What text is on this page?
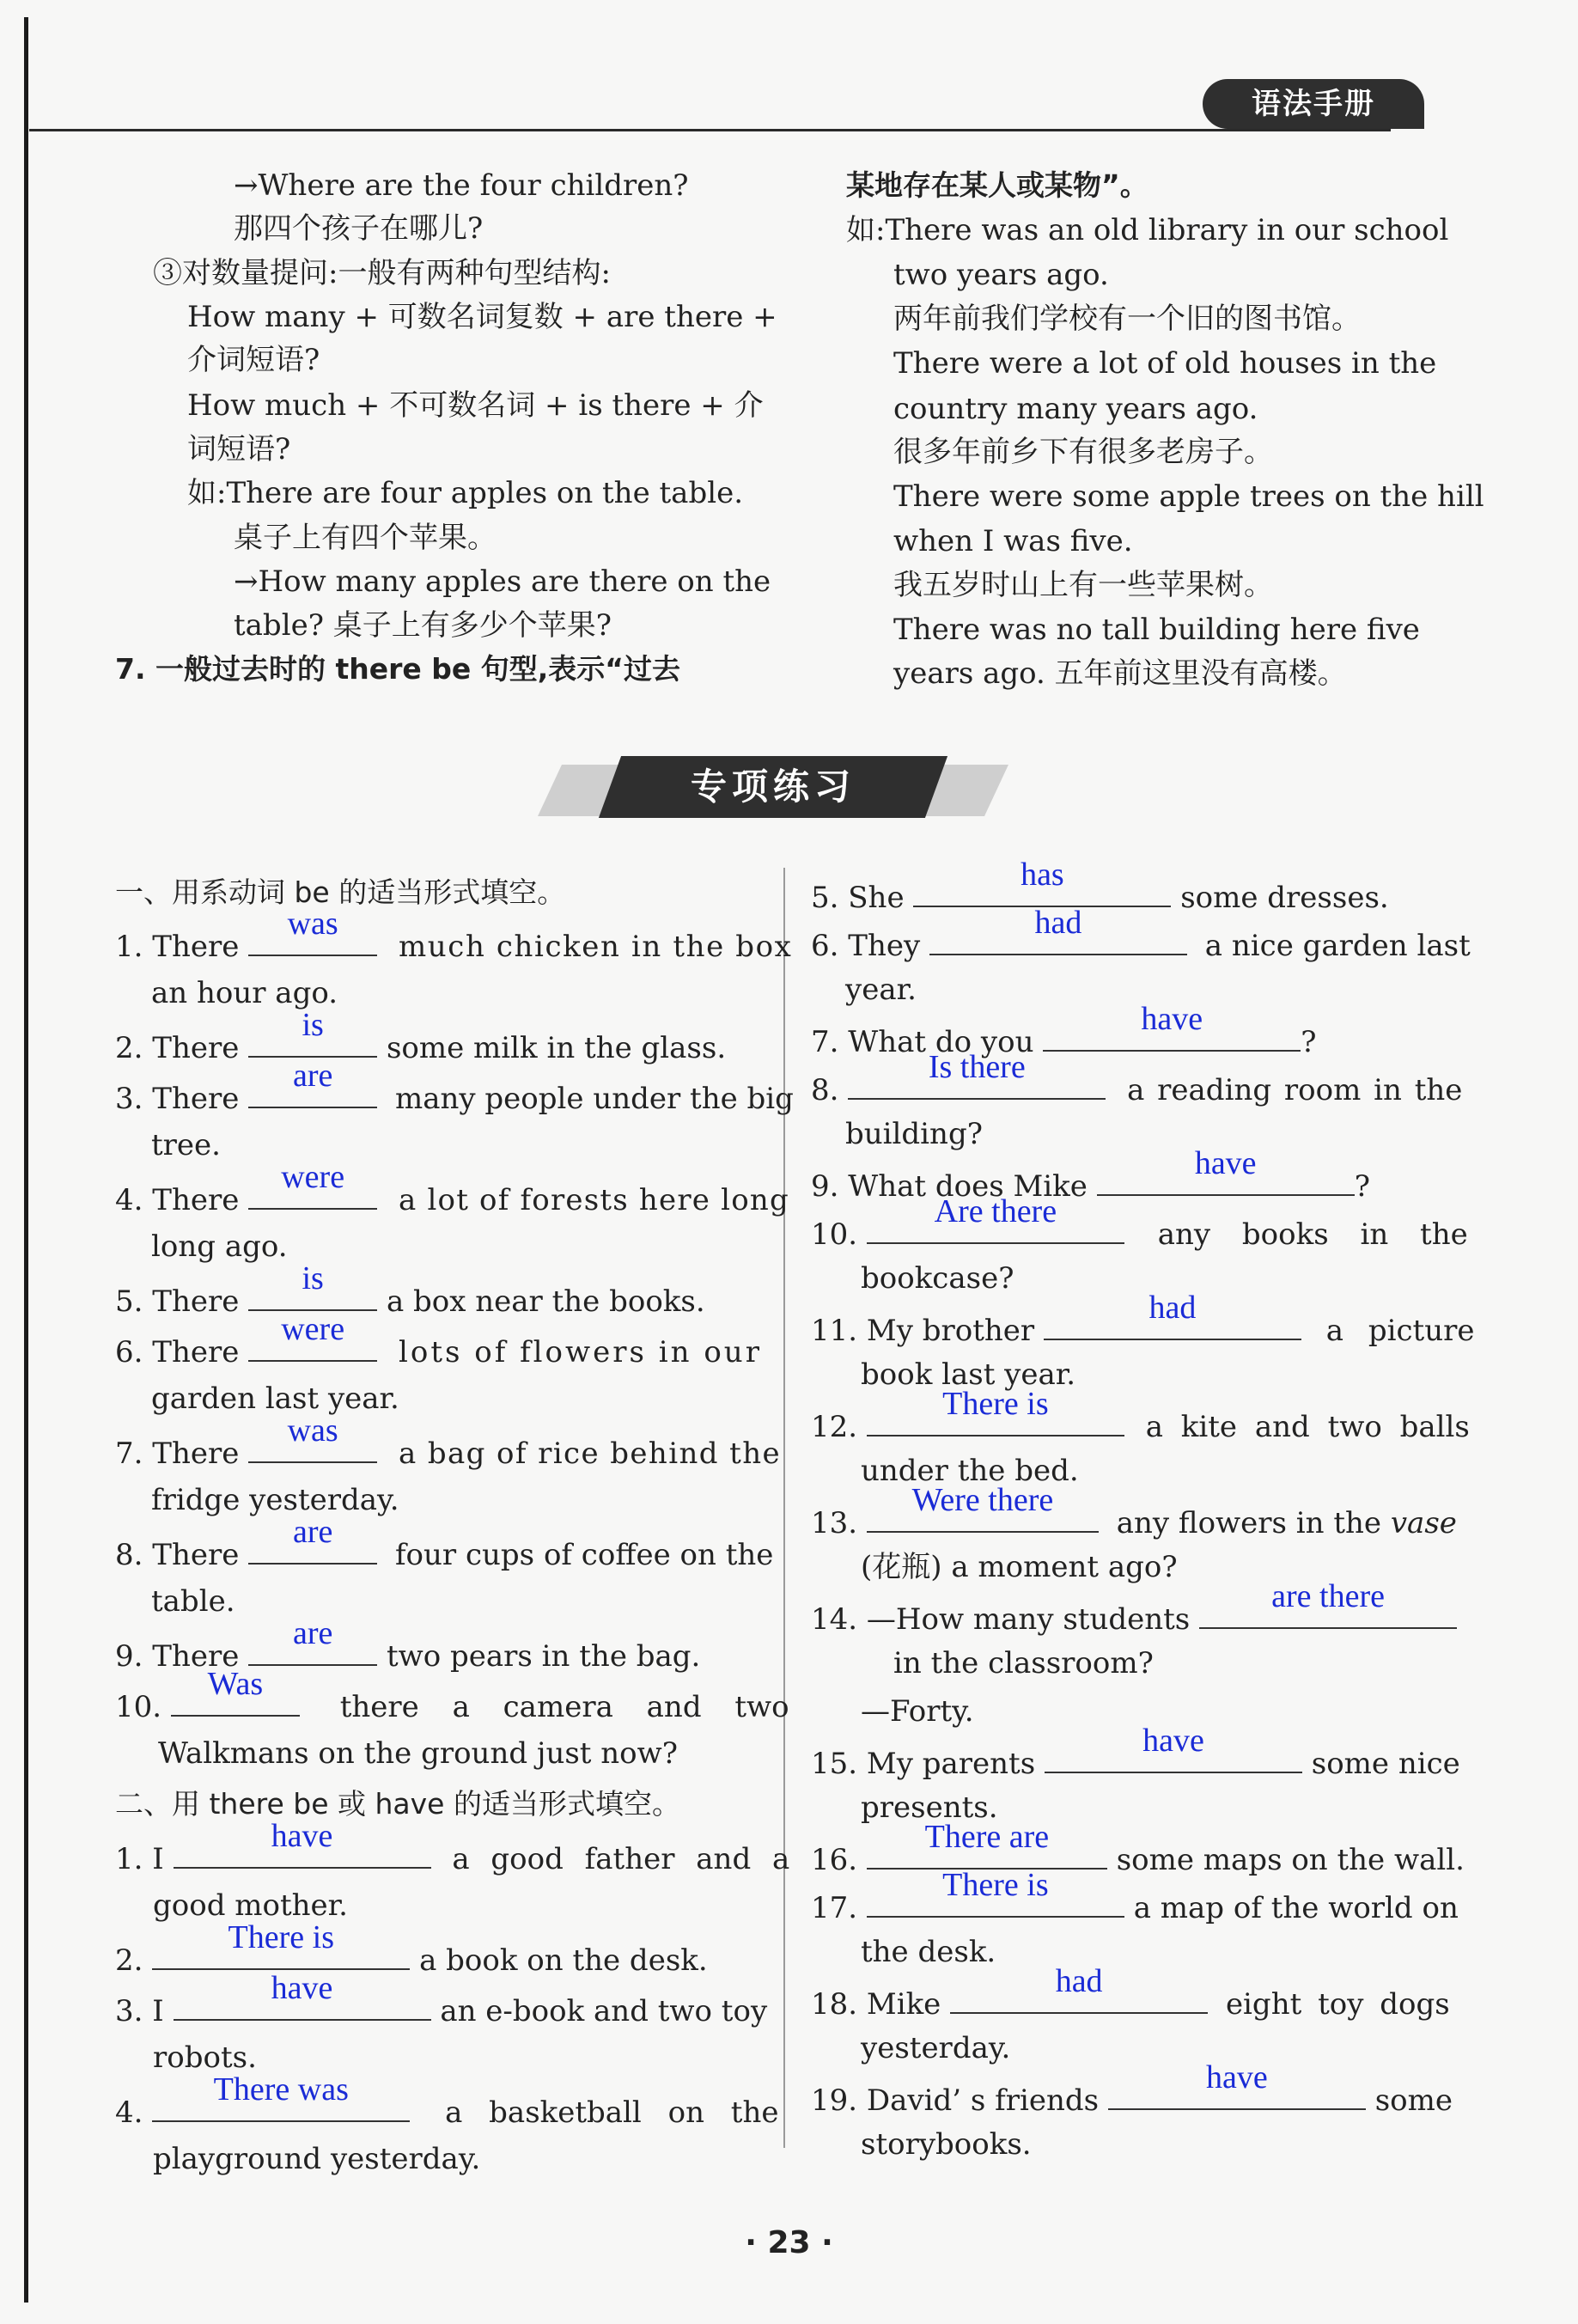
语法手册
→Where are the four children?
那四个孩子在哪儿?
③对数量提问:一般有两种句型结构:
How many + 可数名词复数 + are there +
介词短语?
How much + 不可数名词 + is there + 介
词短语?
如:There are four apples on the table.
桌子上有四个苹果。
→How many apples are there on the
table? 桌子上有多少个苹果?
7. 一般过去时的 there be 句型,表示“过去
某地存在某人或某物”。
如:There was an old library in our school
two years ago.
两年前我们学校有一个旧的图书馆。
There were a lot of old houses in the
country many years ago.
很多年前乡下有很多老房子。
There were some apple trees on the hill
when I was five.
我五岁时山上有一些苹果树。
There was no tall building here five
years ago. 五年前这里没有高楼。
专项练习
一、用系动词 be 的适当形式填空。
1. There
was
much chicken in the box
an hour ago.
2. There
is
some milk in the glass.
3. There
are
many people under the big
tree.
4. There
were
a lot of forests here long
long ago.
5. There
is
a box near the books.
6. There
were
lots of flowers in our
garden last year.
7. There
was
a bag of rice behind the
fridge yesterday.
8. There
are
four cups of coffee on the
table.
9. There
are
two pears in the bag.
10.
Was
there a camera and two
Walkmans on the ground just now?
二、用 there be 或 have 的适当形式填空。
1. I
have
a good father and a
good mother.
2.
There is
a book on the desk.
3. I
have
an e-book and two toy
robots.
4.
There was
a basketball on the
playground yesterday.
5. She
has
some dresses.
6. They
had
a nice garden last
year.
7. What do you
have
?
8.
Is there
a reading room in the
building?
9. What does Mike
have
?
10.
Are there
any books in the
bookcase?
11. My brother
had
a picture
book last year.
12.
There is
a kite and two balls
under the bed.
13.
Were there
any flowers in the vase
(花瓶) a moment ago?
14. —How many students
are there
in the classroom?
—Forty.
15. My parents
have
some nice
presents.
16.
There are
some maps on the wall.
17.
There is
a map of the world on
the desk.
18. Mike
had
eight toy dogs
yesterday.
19. David’ s friends
have
some
storybooks.
· 23 ·
